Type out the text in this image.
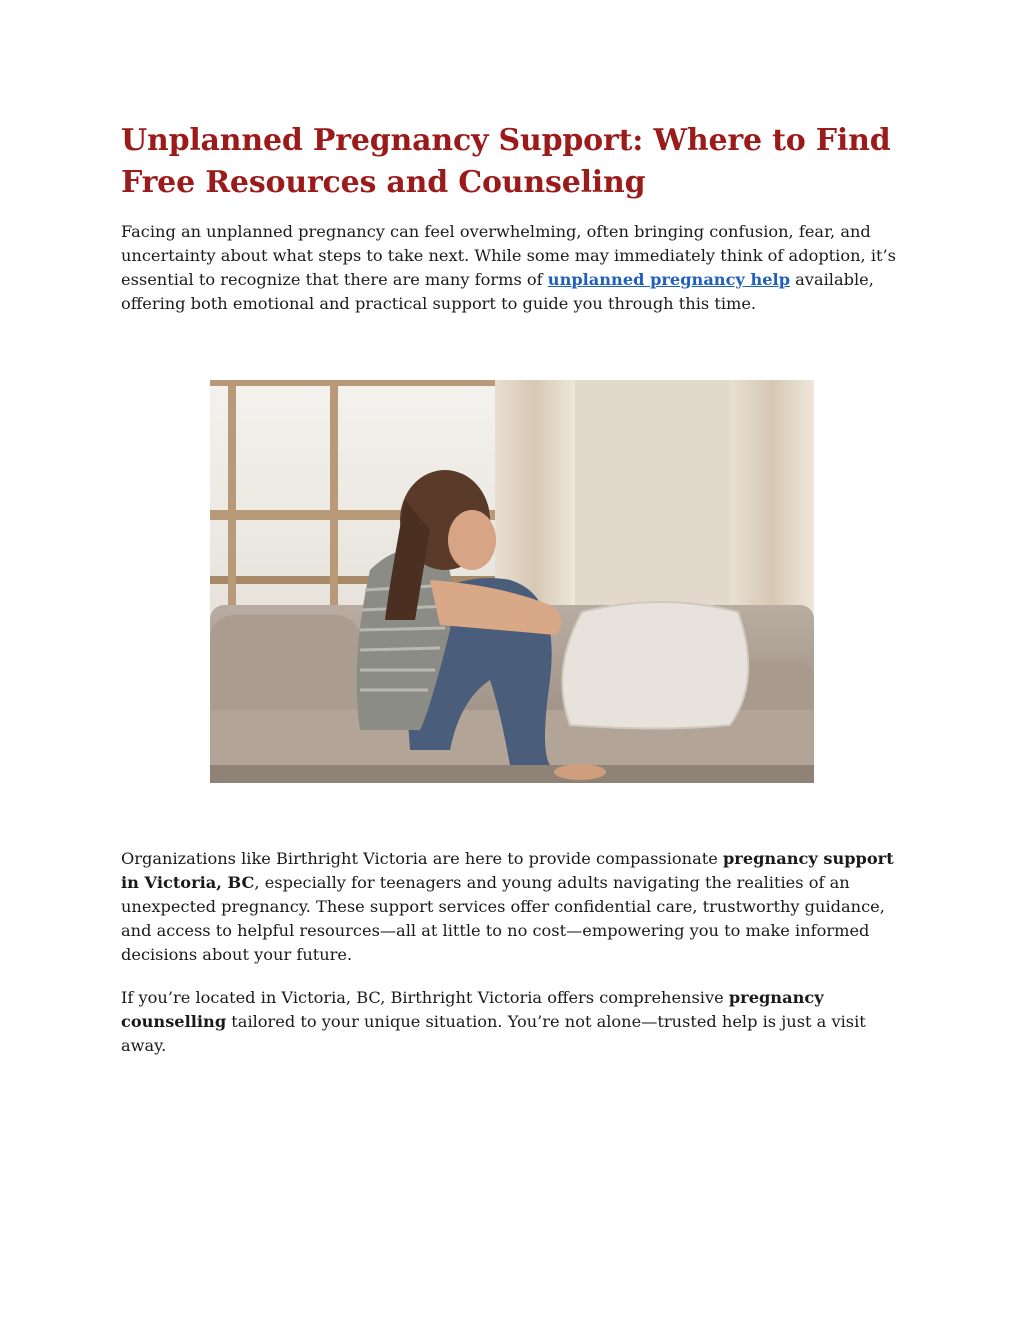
Unplanned Pregnancy Support: Where to Find Free Resources and Counseling

Facing an unplanned pregnancy can feel overwhelming, often bringing confusion, fear, and uncertainty about what steps to take next. While some may immediately think of adoption, it’s essential to recognize that there are many forms of unplanned pregnancy help available, offering both emotional and practical support to guide you through this time.

Organizations like Birthright Victoria are here to provide compassionate pregnancy support in Victoria, BC, especially for teenagers and young adults navigating the realities of an unexpected pregnancy. These support services offer confidential care, trustworthy guidance, and access to helpful resources—all at little to no cost—empowering you to make informed decisions about your future.

If you’re located in Victoria, BC, Birthright Victoria offers comprehensive pregnancy counselling tailored to your unique situation. You’re not alone—trusted help is just a visit away.
